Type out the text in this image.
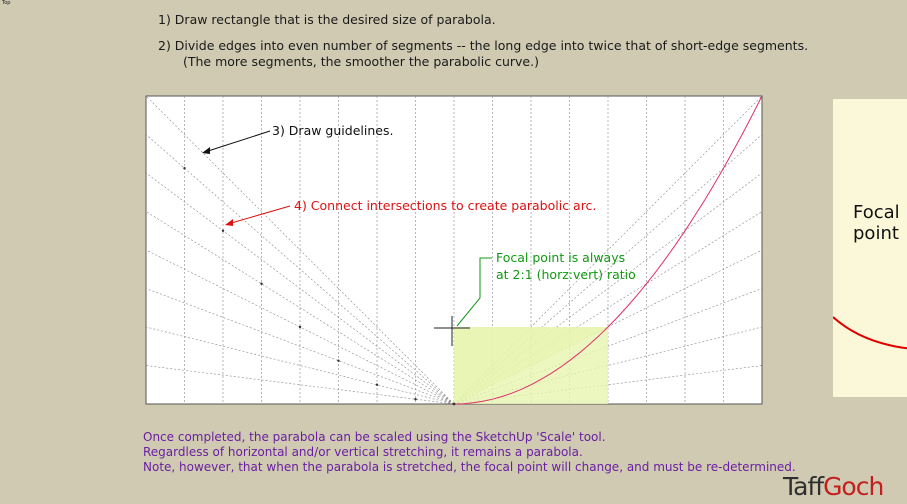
Top
1) Draw rectangle that is the desired size of parabola.
2) Divide edges into even number of segments -- the long edge into twice that of short-edge segments.
(The more segments, the smoother the parabolic curve.)
Focal
point
3) Draw guidelines.
4) Connect intersections to create parabolic arc.
Focal point is always
at 2:1 (horz:vert) ratio
Once completed, the parabola can be scaled using the SketchUp 'Scale' tool.
Regardless of horizontal and/or vertical stretching, it remains a parabola.
Note, however, that when the parabola is stretched, the focal point will change, and must be re-determined.
TaffGoch
